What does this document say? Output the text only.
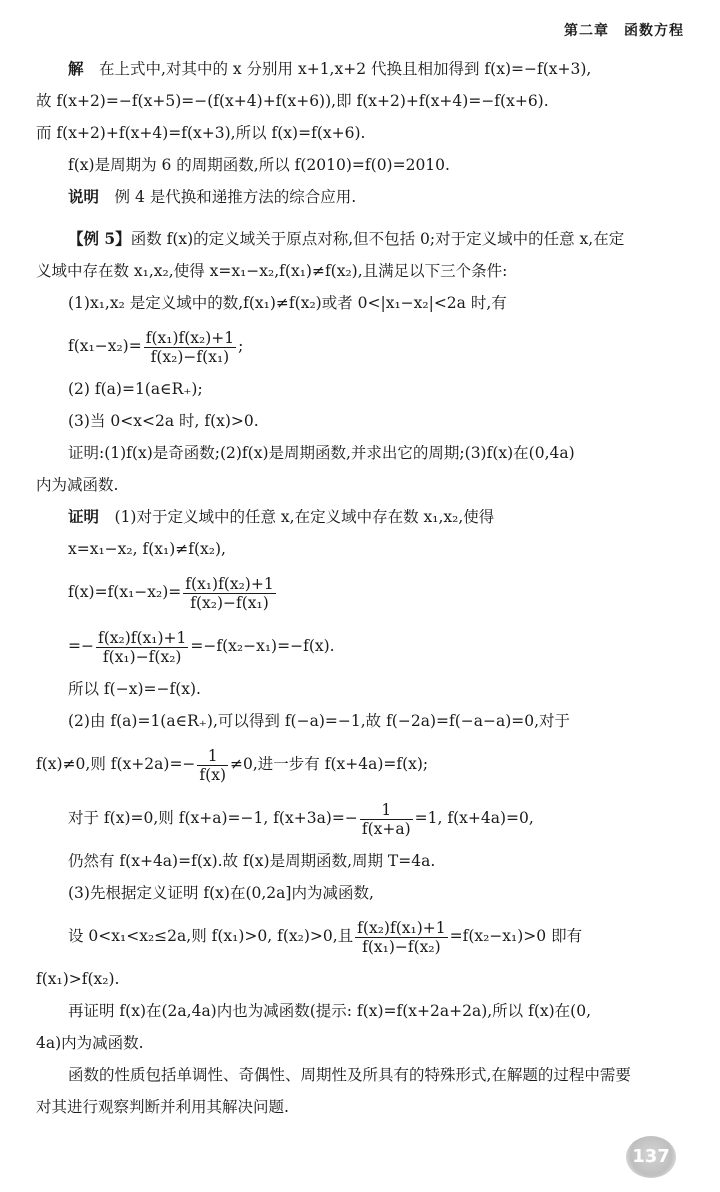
第二章　函数方程

解　在上式中,对其中的 x 分别用 x+1,x+2 代换且相加得到 f(x)=−f(x+3),

故 f(x+2)=−f(x+5)=−(f(x+4)+f(x+6)),即 f(x+2)+f(x+4)=−f(x+6).

而 f(x+2)+f(x+4)=f(x+3),所以 f(x)=f(x+6).

f(x)是周期为 6 的周期函数,所以 f(2010)=f(0)=2010.

说明　例 4 是代换和递推方法的综合应用.

【例 5】函数 f(x)的定义域关于原点对称,但不包括 0;对于定义域中的任意 x,在定

义域中存在数 x₁,x₂,使得 x=x₁−x₂,f(x₁)≠f(x₂),且满足以下三个条件:

(1)x₁,x₂ 是定义域中的数,f(x₁)≠f(x₂)或者 0<|x₁−x₂|<2a 时,有

$f(x_1-x_2)= \frac{\text{f(x₁)f(x₂)+1}}{\text{f(x₂)−f(x₁)}}$ ;

(2) f(a)=1(a∈R₊);

(3)当 0<x<2a 时, f(x)>0.

证明:(1)f(x)是奇函数;(2)f(x)是周期函数,并求出它的周期;(3)f(x)在(0,4a)

内为减函数.

证明　(1)对于定义域中的任意 x,在定义域中存在数 x₁,x₂,使得

x=x₁−x₂, f(x₁)≠f(x₂),

$f(x)=f(x_1-x_2)= \frac{\text{f(x₁)f(x₂)+1}}{\text{f(x₂)−f(x₁)}}$

=− $\frac{\text{f(x₂)f(x₁)+1}}{\text{f(x₁)−f(x₂)}} =-f(x_2-x_1)=-f(x)$.

所以 f(−x)=−f(x).

(2)由 f(a)=1(a∈R₊),可以得到 f(−a)=−1,故 f(−2a)=f(−a−a)=0,对于

f(x)≠0,则 $f(x+2a)=- \frac{1}{f(x)} \ne 0$,进一步有 f(x+4a)=f(x);

对于 f(x)=0,则 f(x+a)=−1, $f(x+3a)=- \frac{1}{f(x+a)} =1$, f(x+4a)=0,

仍然有 f(x+4a)=f(x).故 f(x)是周期函数,周期 T=4a.

(3)先根据定义证明 f(x)在(0,2a]内为减函数,

设 0<x₁<x₂≤2a,则 f(x₁)>0, f(x₂)>0,且 $\frac{\text{f(x₂)f(x₁)+1}}{\text{f(x₁)−f(x₂)}} =f(x_2-x_1)>0$ 即有

f(x₁)>f(x₂).

再证明 f(x)在(2a,4a)内也为减函数(提示: f(x)=f(x+2a+2a),所以 f(x)在(0,

4a)内为减函数.

函数的性质包括单调性、奇偶性、周期性及所具有的特殊形式,在解题的过程中需要

对其进行观察判断并利用其解决问题.

137
